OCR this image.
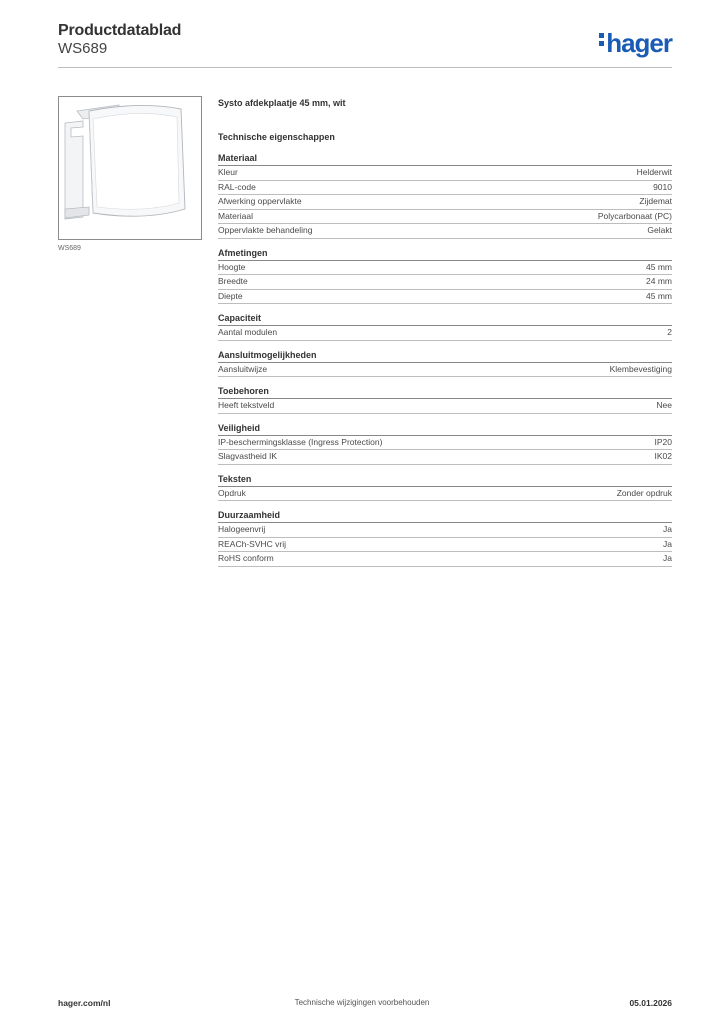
Productdatablad
WS689	hager
WS689
Systo afdekplaatje 45 mm, wit
Technische eigenschappen
Materiaal
Kleur	Helderwit
RAL-code	9010
Afwerking oppervlakte	Zijdemat
Materiaal	Polycarbonaat (PC)
Oppervlakte behandeling	Gelakt
Afmetingen
Hoogte	45 mm
Breedte	24 mm
Diepte	45 mm
Capaciteit
Aantal modulen	2
Aansluitmogelijkheden
Aansluitwijze	Klembevestiging
Toebehoren
Heeft tekstveld	Nee
Veiligheid
IP-beschermingsklasse (Ingress Protection)	IP20
Slagvastheid IK	IK02
Teksten
Opdruk	Zonder opdruk
Duurzaamheid
Halogeenvrij	Ja
REACh-SVHC vrij	Ja
RoHS conform	Ja
hager.com/nl	Technische wijzigingen voorbehouden	05.01.2026
